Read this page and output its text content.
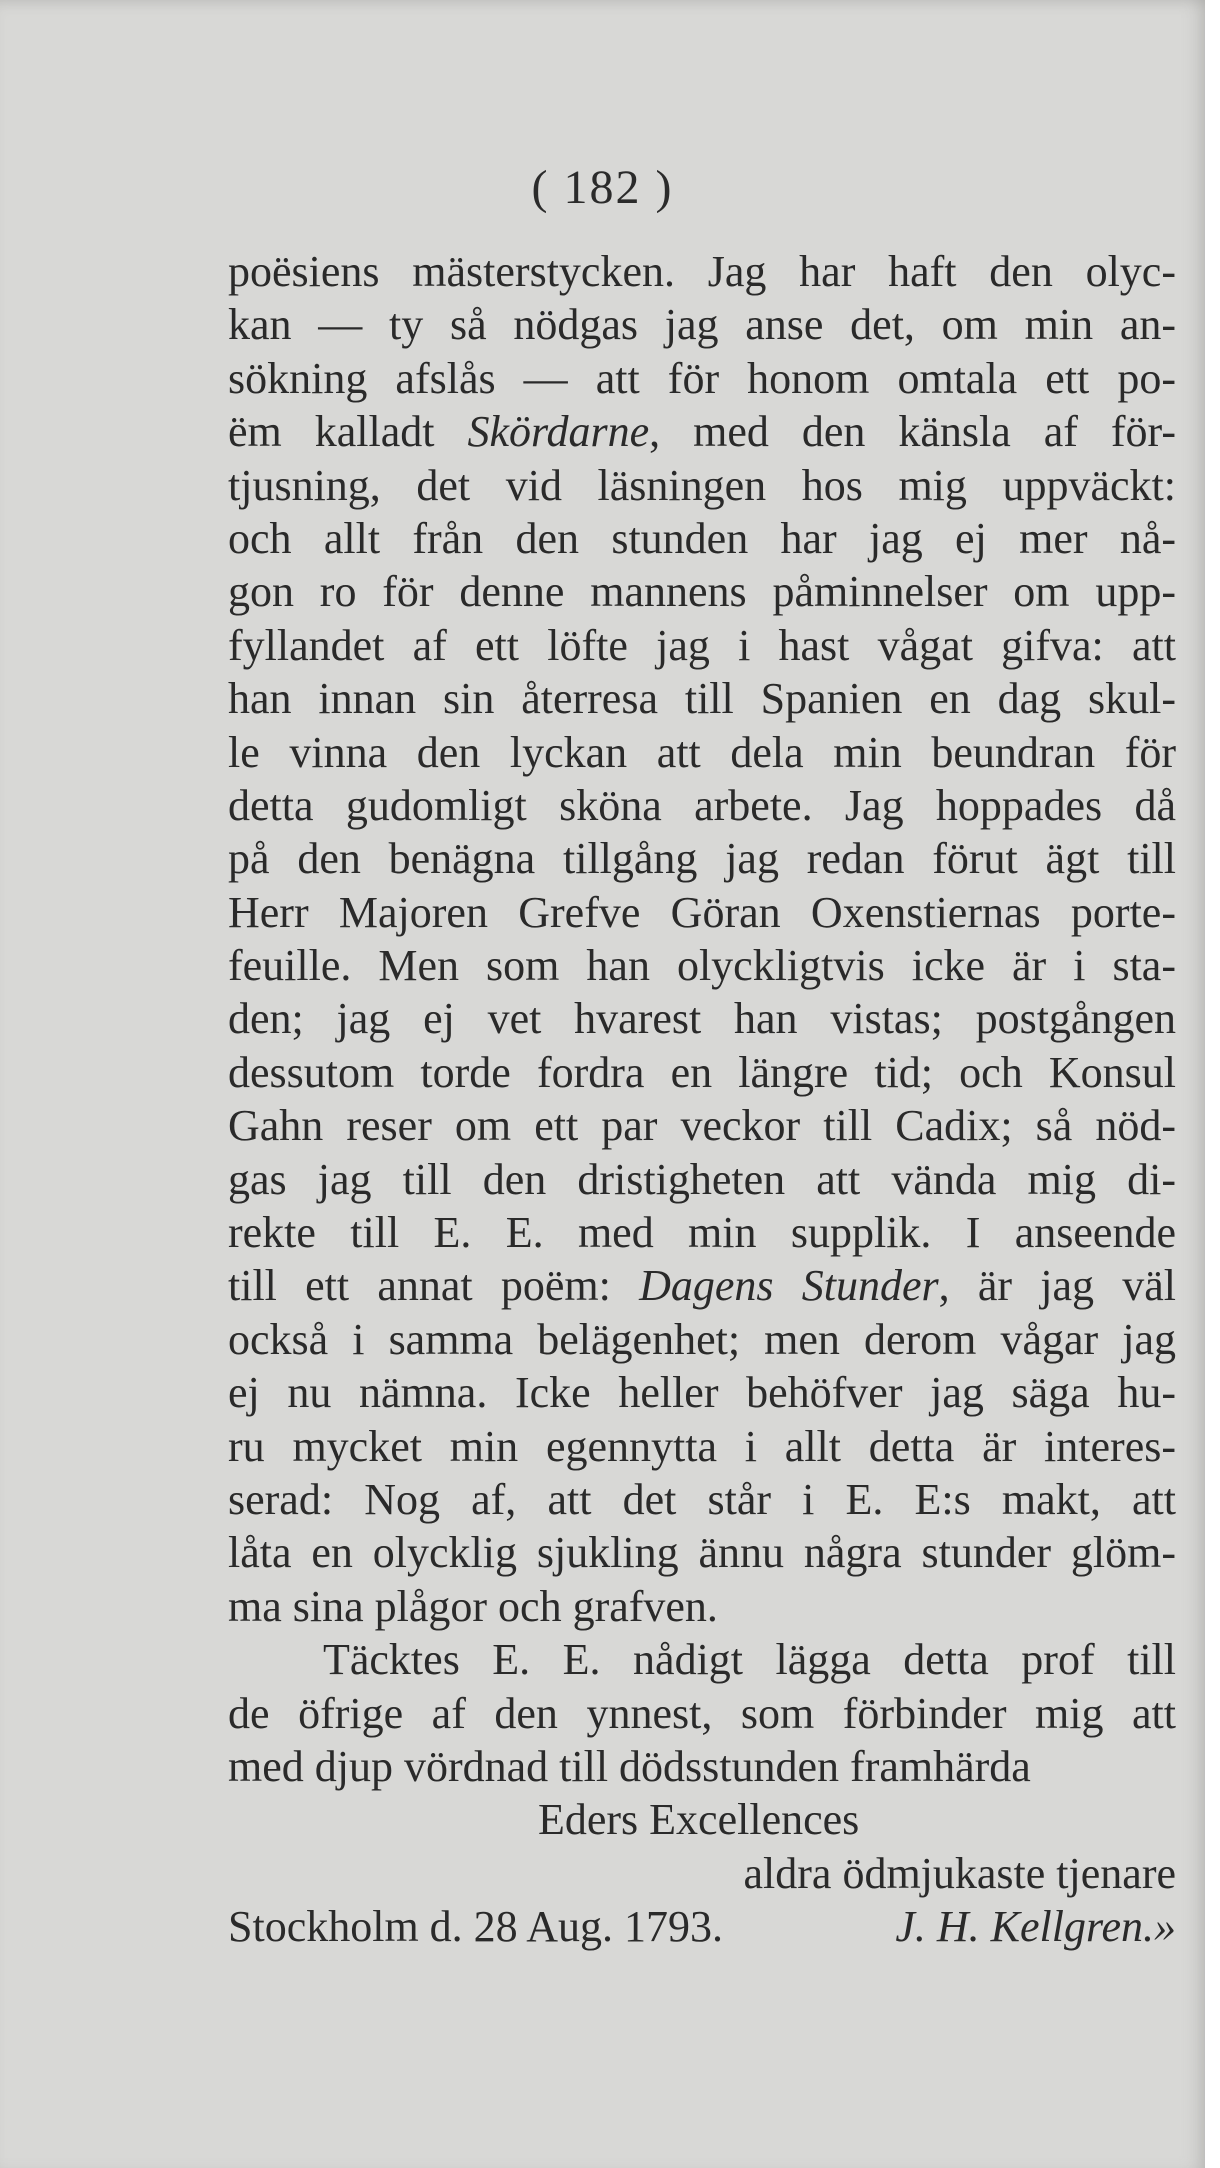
( 182 )
poësiens mästerstycken. Jag har haft den olyc-
kan — ty så nödgas jag anse det, om min an-
sökning afslås — att för honom omtala ett po-
ëm kalladt Skördarne, med den känsla af för-
tjusning, det vid läsningen hos mig uppväckt:
och allt från den stunden har jag ej mer nå-
gon ro för denne mannens påminnelser om upp-
fyllandet af ett löfte jag i hast vågat gifva: att
han innan sin återresa till Spanien en dag skul-
le vinna den lyckan att dela min beundran för
detta gudomligt sköna arbete. Jag hoppades då
på den benägna tillgång jag redan förut ägt till
Herr Majoren Grefve Göran Oxenstiernas porte-
feuille. Men som han olyckligtvis icke är i sta-
den; jag ej vet hvarest han vistas; postgången
dessutom torde fordra en längre tid; och Konsul
Gahn reser om ett par veckor till Cadix; så nöd-
gas jag till den dristigheten att vända mig di-
rekte till E. E. med min supplik. I anseende
till ett annat poëm: Dagens Stunder, är jag väl
också i samma belägenhet; men derom vågar jag
ej nu nämna. Icke heller behöfver jag säga hu-
ru mycket min egennytta i allt detta är interes-
serad: Nog af, att det står i E. E:s makt, att
låta en olycklig sjukling ännu några stunder glöm-
ma sina plågor och grafven.
Täcktes E. E. nådigt lägga detta prof till
de öfrige af den ynnest, som förbinder mig att
med djup vördnad till dödsstunden framhärda
Eders Excellences
aldra ödmjukaste tjenare
Stockholm d. 28 Aug. 1793.	J. H. Kellgren.»
